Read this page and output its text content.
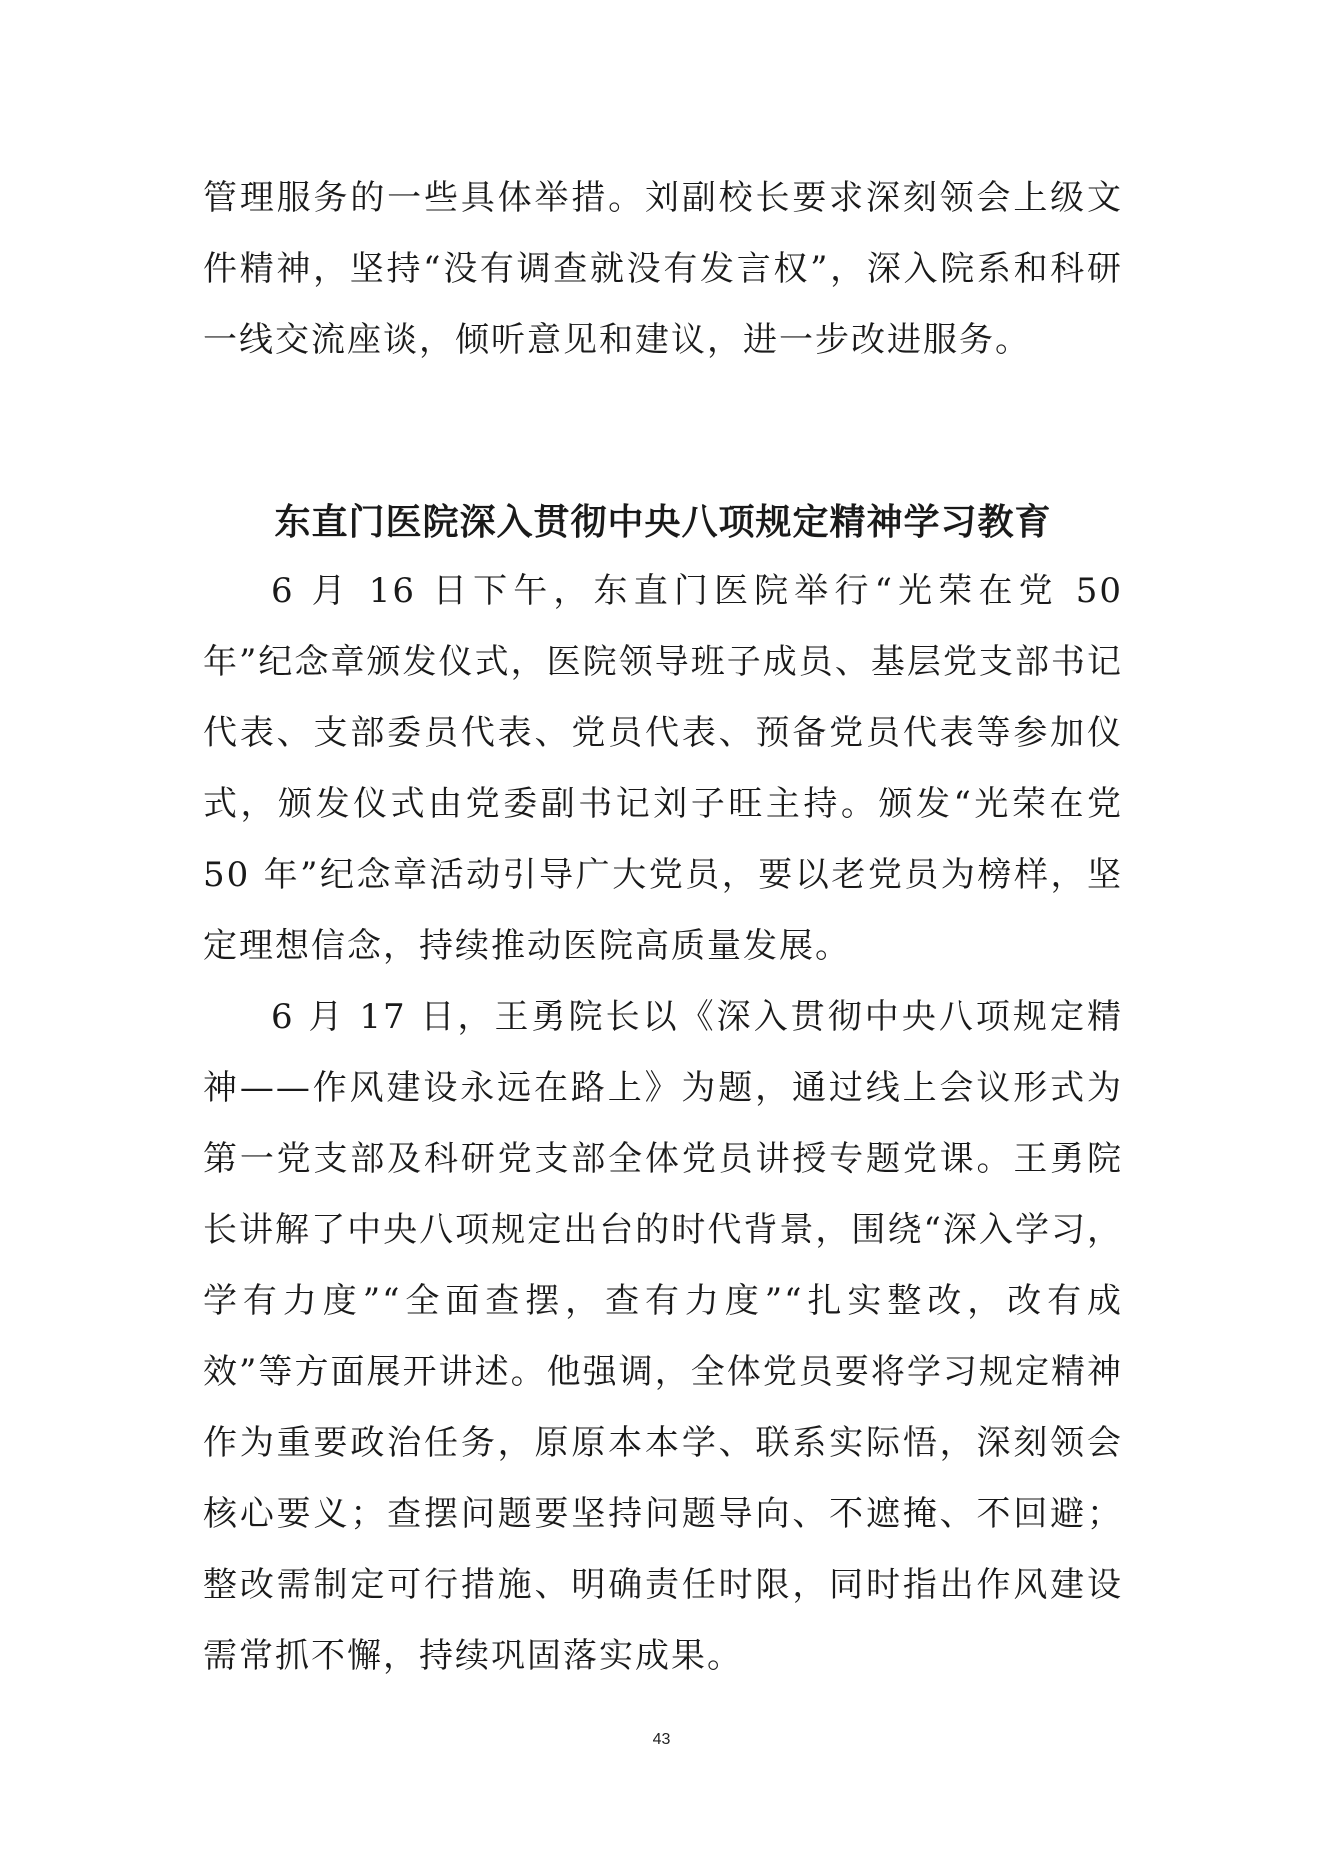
管理服务的一些具体举措。刘副校长要求深刻领会上级文件精神，坚持“没有调查就没有发言权”，深入院系和科研一线交流座谈，倾听意见和建议，进一步改进服务。

东直门医院深入贯彻中央八项规定精神学习教育

6 月 16 日下午，东直门医院举行“光荣在党 50 年”纪念章颁发仪式，医院领导班子成员、基层党支部书记代表、支部委员代表、党员代表、预备党员代表等参加仪式，颁发仪式由党委副书记刘子旺主持。颁发“光荣在党 50 年”纪念章活动引导广大党员，要以老党员为榜样，坚定理想信念，持续推动医院高质量发展。

6 月 17 日，王勇院长以《深入贯彻中央八项规定精神——作风建设永远在路上》为题，通过线上会议形式为第一党支部及科研党支部全体党员讲授专题党课。王勇院长讲解了中央八项规定出台的时代背景，围绕“深入学习，学有力度”“全面查摆，查有力度”“扎实整改，改有成效”等方面展开讲述。他强调，全体党员要将学习规定精神作为重要政治任务，原原本本学、联系实际悟，深刻领会核心要义；查摆问题要坚持问题导向、不遮掩、不回避；整改需制定可行措施、明确责任时限，同时指出作风建设需常抓不懈，持续巩固落实成果。

43
